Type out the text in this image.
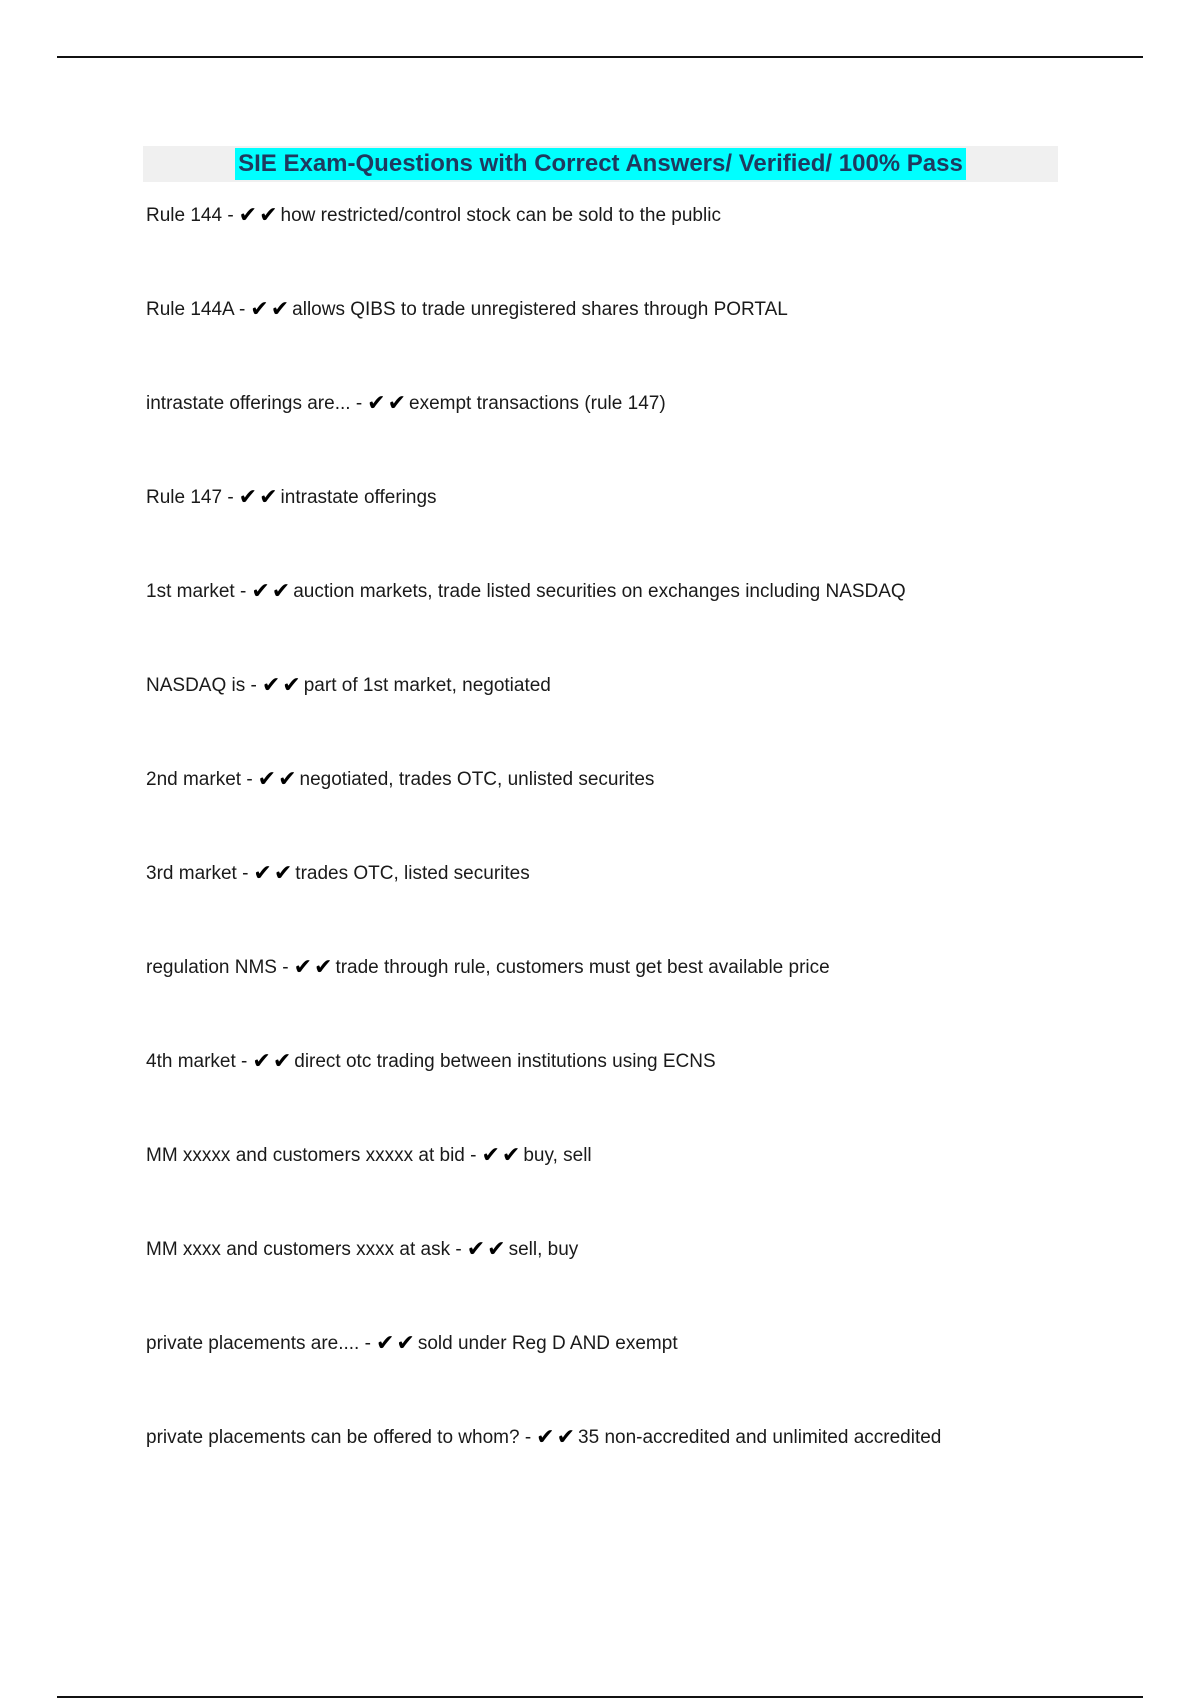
SIE Exam-Questions with Correct Answers/ Verified/ 100% Pass
Rule 144 - ✔✔ how restricted/control stock can be sold to the public
Rule 144A - ✔✔ allows QIBS to trade unregistered shares through PORTAL
intrastate offerings are... - ✔✔ exempt transactions (rule 147)
Rule 147 - ✔✔ intrastate offerings
1st market - ✔✔ auction markets, trade listed securities on exchanges including NASDAQ
NASDAQ is - ✔✔ part of 1st market, negotiated
2nd market - ✔✔ negotiated, trades OTC, unlisted securites
3rd market - ✔✔ trades OTC, listed securites
regulation NMS - ✔✔ trade through rule, customers must get best available price
4th market - ✔✔ direct otc trading between institutions using ECNS
MM xxxxx and customers xxxxx at bid - ✔✔ buy, sell
MM xxxx and customers xxxx at ask - ✔✔ sell, buy
private placements are.... - ✔✔ sold under Reg D AND exempt
private placements can be offered to whom? - ✔✔ 35 non-accredited and unlimited accredited
